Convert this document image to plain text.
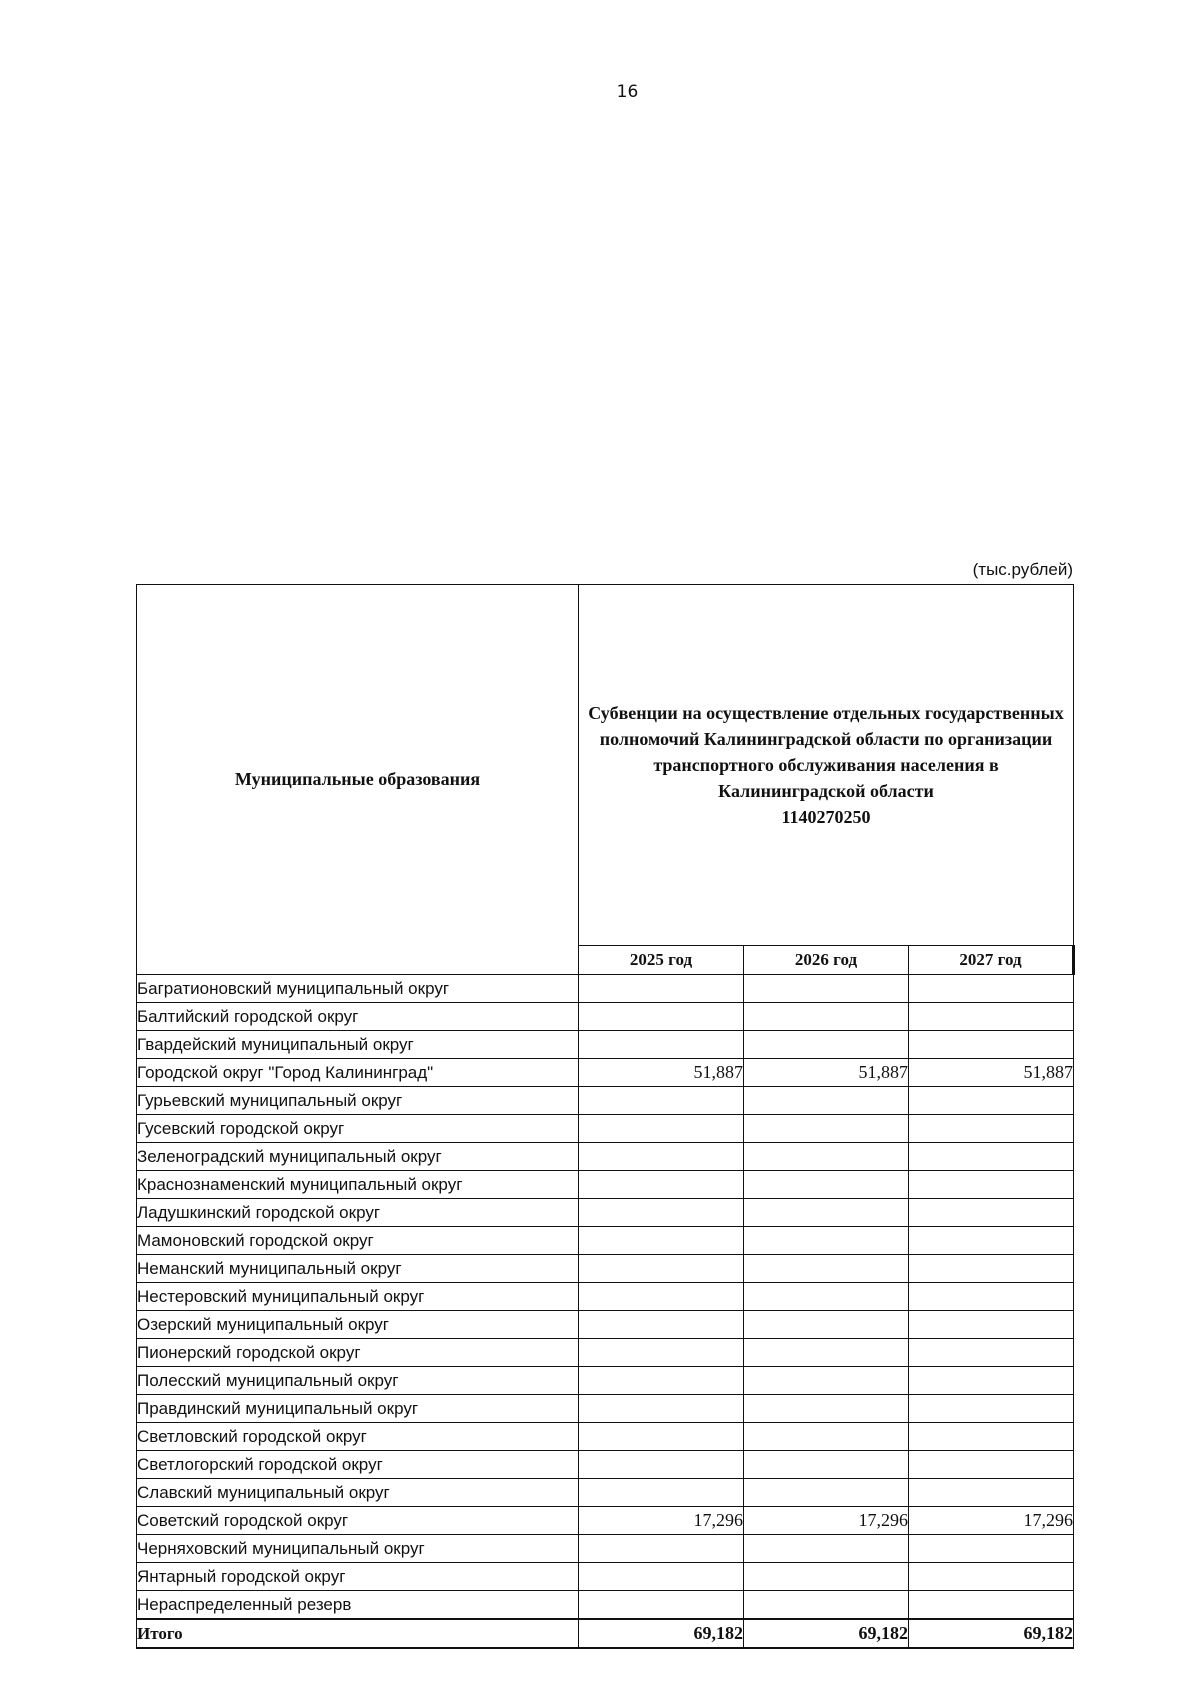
16
(тыс.рублей)
Муниципальные образования	Субвенции на осуществление отдельных государственных полномочий Калининградской области по организации транспортного обслуживания населения в Калининградской области
1140270250		

	2025 год	2026 год	2027 год
Багратионовский муниципальный округ			
Балтийский городской округ			
Гвардейский муниципальный округ			
Городской округ "Город Калининград"	51,887	51,887	51,887
Гурьевский муниципальный округ			
Гусевский городской округ			
Зеленоградский муниципальный округ			
Краснознаменский муниципальный округ			
Ладушкинский городской округ			
Мамоновский городской округ			
Неманский муниципальный округ			
Нестеровский муниципальный округ			
Озерский муниципальный округ			
Пионерский городской округ			
Полесский муниципальный округ			
Правдинский муниципальный округ			
Светловский городской округ			
Светлогорский городской округ			
Славский муниципальный округ			
Советский городской округ	17,296	17,296	17,296
Черняховский муниципальный округ			
Янтарный городской округ			
Нераспределенный резерв			
Итого	69,182	69,182	69,182
